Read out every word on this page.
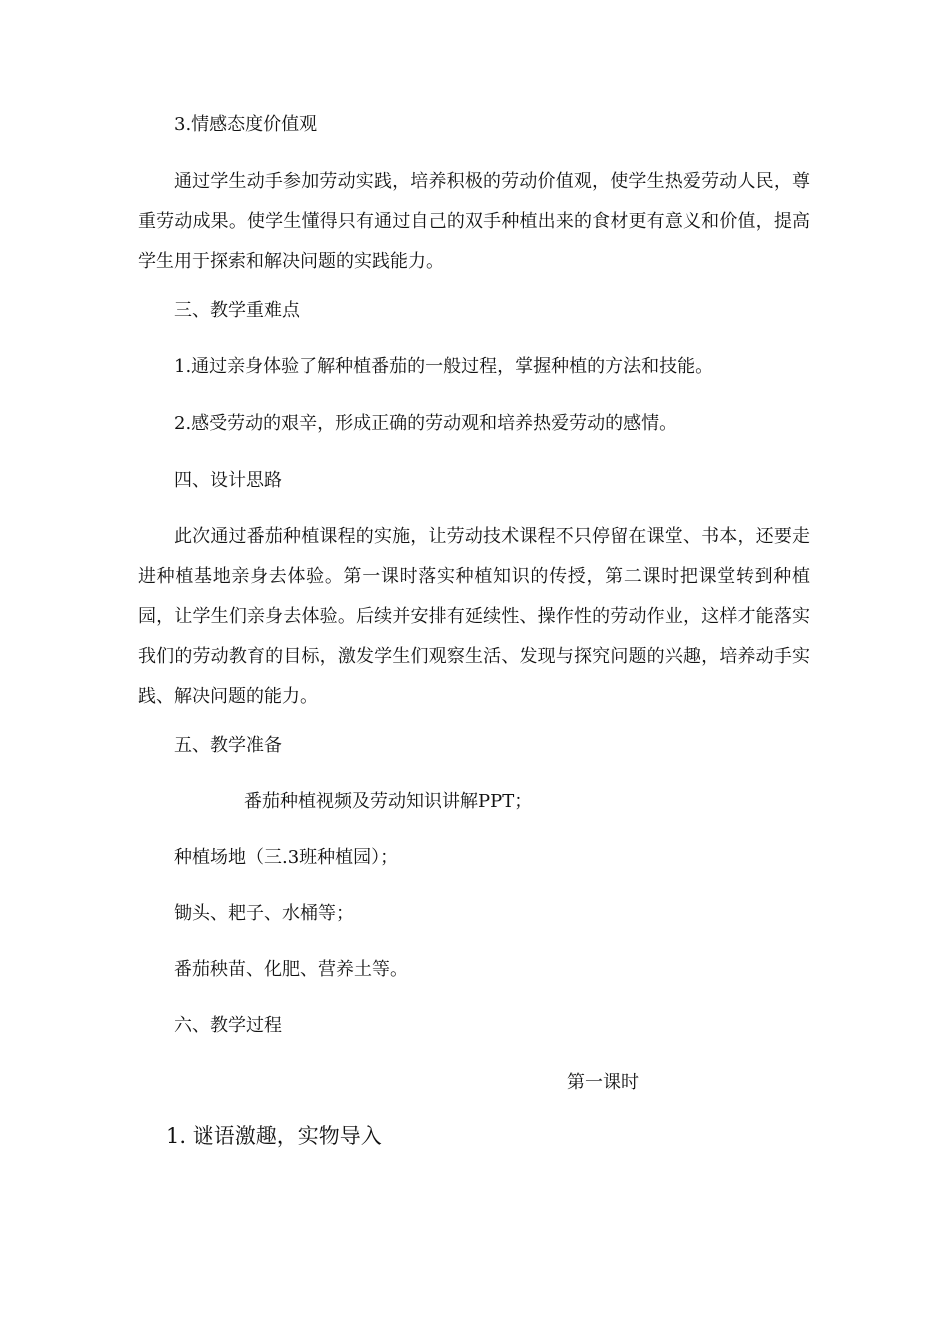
3.情感态度价值观

通过学生动手参加劳动实践，培养积极的劳动价值观，使学生热爱劳动人民，尊重劳动成果。使学生懂得只有通过自己的双手种植出来的食材更有意义和价值，提高学生用于探索和解决问题的实践能力。

三、教学重难点

1.通过亲身体验了解种植番茄的一般过程，掌握种植的方法和技能。

2.感受劳动的艰辛，形成正确的劳动观和培养热爱劳动的感情。

四、设计思路

此次通过番茄种植课程的实施，让劳动技术课程不只停留在课堂、书本，还要走进种植基地亲身去体验。第一课时落实种植知识的传授，第二课时把课堂转到种植园，让学生们亲身去体验。后续并安排有延续性、操作性的劳动作业，这样才能落实我们的劳动教育的目标，激发学生们观察生活、发现与探究问题的兴趣，培养动手实践、解决问题的能力。

五、教学准备

番茄种植视频及劳动知识讲解PPT；

种植场地（三.3班种植园）；

锄头、耙子、水桶等；

番茄秧苗、化肥、营养土等。

六、教学过程

第一课时

1. 谜语激趣，实物导入
